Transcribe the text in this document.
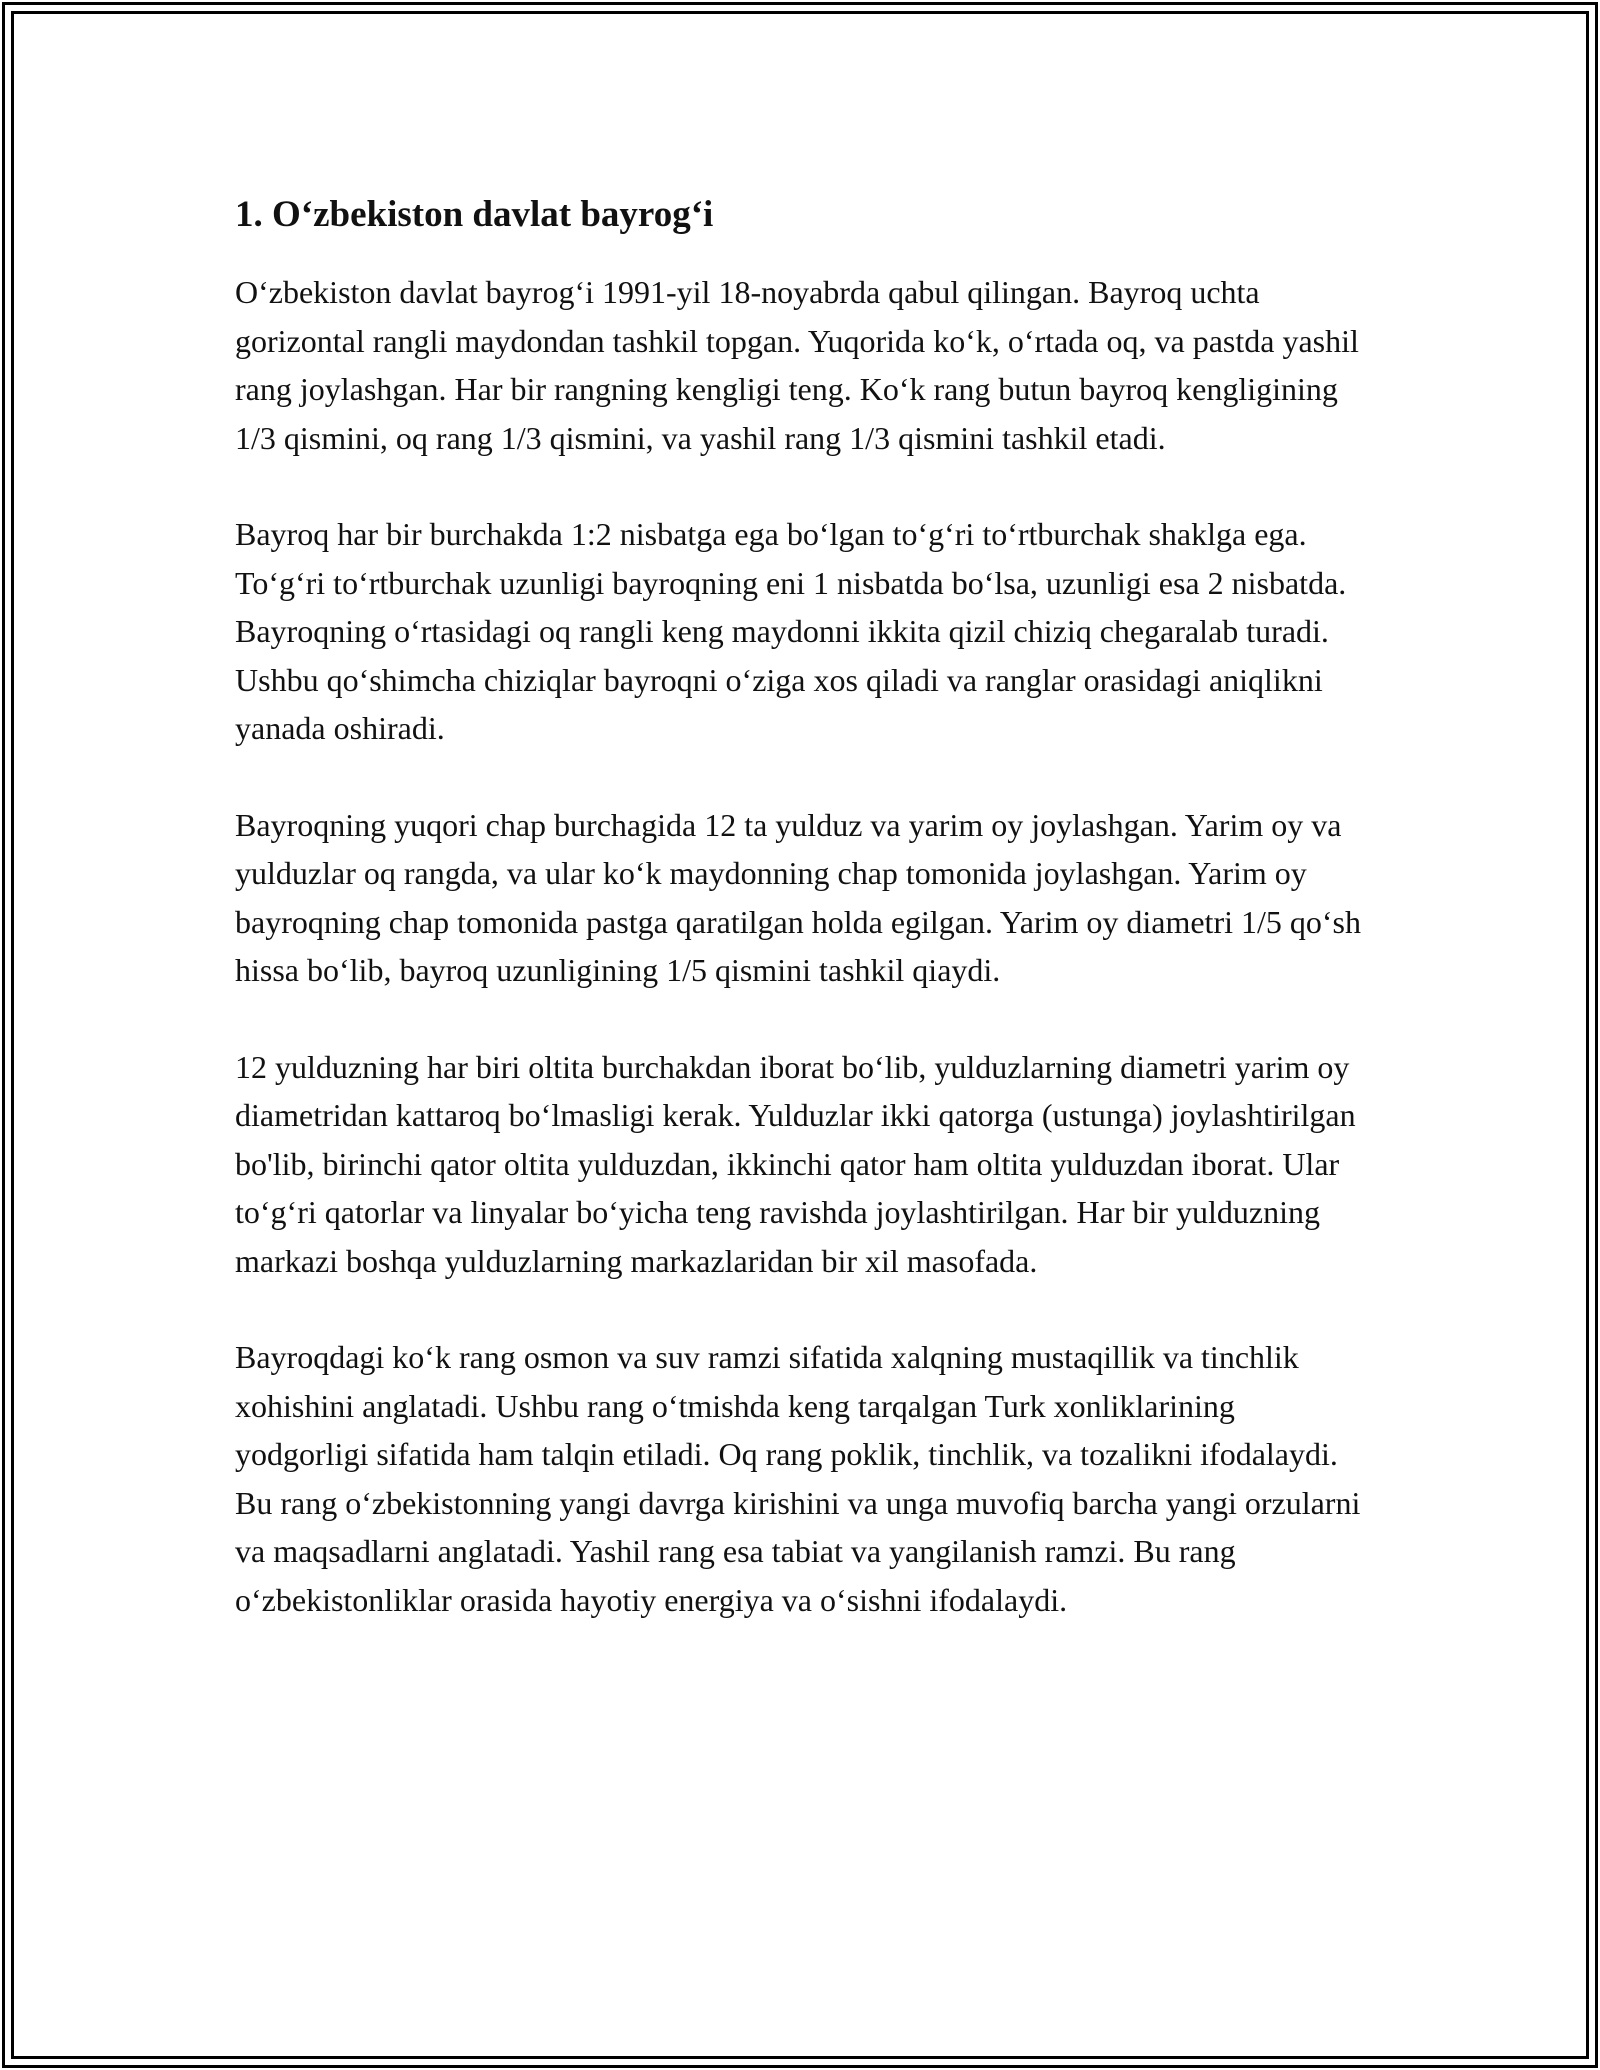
1. Oʻzbekiston davlat bayrogʻi

Oʻzbekiston davlat bayrogʻi 1991-yil 18-noyabrda qabul qilingan. Bayroq uchta gorizontal rangli maydondan tashkil topgan. Yuqorida koʻk, oʻrtada oq, va pastda yashil rang joylashgan. Har bir rangning kengligi teng. Koʻk rang butun bayroq kengligining 1/3 qismini, oq rang 1/3 qismini, va yashil rang 1/3 qismini tashkil etadi.

Bayroq har bir burchakda 1:2 nisbatga ega boʻlgan toʻgʻri toʻrtburchak shaklga ega. Toʻgʻri toʻrtburchak uzunligi bayroqning eni 1 nisbatda boʻlsa, uzunligi esa 2 nisbatda. Bayroqning oʻrtasidagi oq rangli keng maydonni ikkita qizil chiziq chegaralab turadi. Ushbu qoʻshimcha chiziqlar bayroqni oʻziga xos qiladi va ranglar orasidagi aniqlikni yanada oshiradi.

Bayroqning yuqori chap burchagida 12 ta yulduz va yarim oy joylashgan. Yarim oy va yulduzlar oq rangda, va ular koʻk maydonning chap tomonida joylashgan. Yarim oy bayroqning chap tomonida pastga qaratilgan holda egilgan. Yarim oy diametri 1/5 qoʻsh hissa boʻlib, bayroq uzunligining 1/5 qismini tashkil qiaydi.

12 yulduzning har biri oltita burchakdan iborat boʻlib, yulduzlarning diametri yarim oy diametridan kattaroq boʻlmasligi kerak. Yulduzlar ikki qatorga (ustunga) joylashtirilgan bo'lib, birinchi qator oltita yulduzdan, ikkinchi qator ham oltita yulduzdan iborat. Ular toʻgʻri qatorlar va linyalar boʻyicha teng ravishda joylashtirilgan. Har bir yulduzning markazi boshqa yulduzlarning markazlaridan bir xil masofada.

Bayroqdagi koʻk rang osmon va suv ramzi sifatida xalqning mustaqillik va tinchlik xohishini anglatadi. Ushbu rang oʻtmishda keng tarqalgan Turk xonliklarining yodgorligi sifatida ham talqin etiladi. Oq rang poklik, tinchlik, va tozalikni ifodalaydi. Bu rang oʻzbekistonning yangi davrga kirishini va unga muvofiq barcha yangi orzularni va maqsadlarni anglatadi. Yashil rang esa tabiat va yangilanish ramzi. Bu rang oʻzbekistonliklar orasida hayotiy energiya va oʻsishni ifodalaydi.
